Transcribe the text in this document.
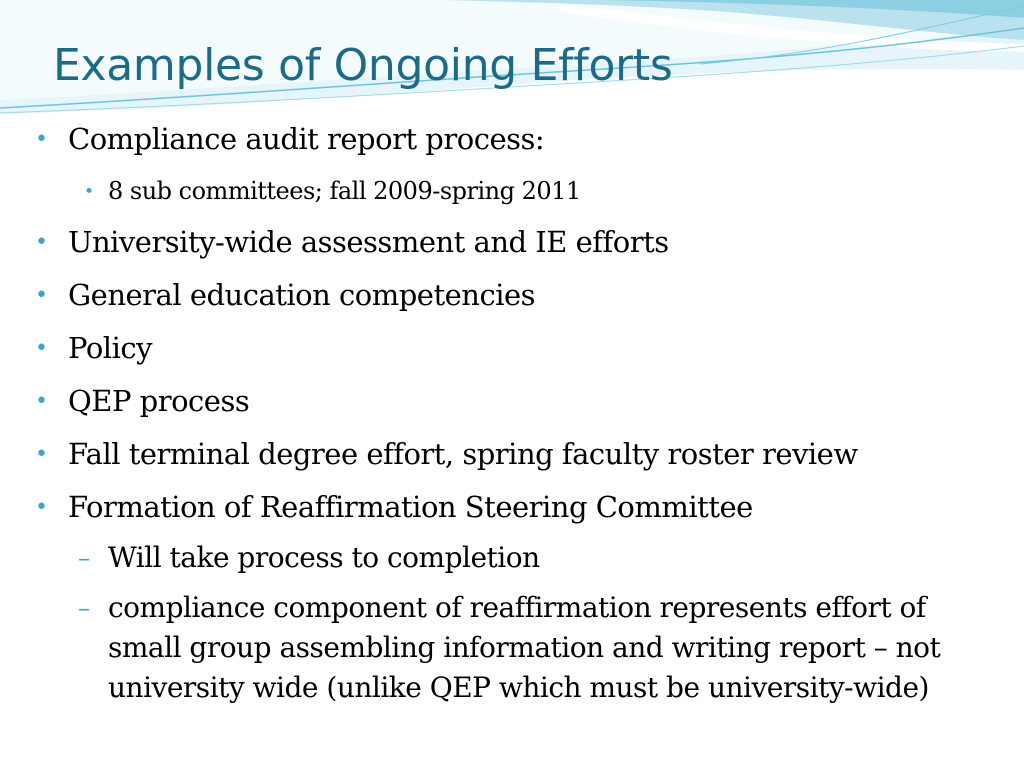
Examples of Ongoing Efforts
• Compliance audit report process:
• 8 sub committees; fall 2009-spring 2011
• University-wide assessment and IE efforts
• General education competencies
• Policy
• QEP process
• Fall terminal degree effort, spring faculty roster review
• Formation of Reaffirmation Steering Committee
– Will take process to completion
– compliance component of reaffirmation represents effort of small group assembling information and writing report – not university wide (unlike QEP which must be university-wide)
